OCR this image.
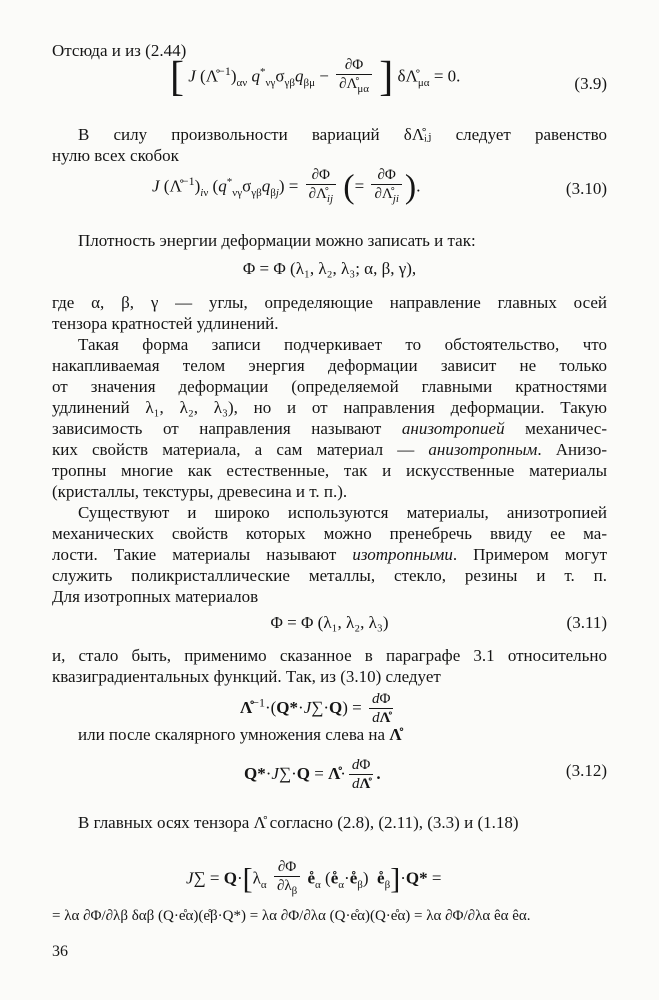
Отсюда и из (2.44)
[ J $(\Lambdå^{-1})_{\alpha\nu}$ $q^*_{\nu\gamma}\sigma_{\gamma\beta}q_{\beta\mu} - \frac{\partial\Phi}{\partial\Lambdå_{\mu\alpha}}$ ] $\delta\Lambdå_{\mu\alpha} = 0$.	(3.9)
В силу произвольности вариаций δΛ̊ᵢⱼ следует равенство
нулю всех скобок
J $(\Lambdå^{-1})_{i\nu}$ $(q^*_{\nu\gamma}\sigma_{\gamma\beta}q_{\beta j}) = \frac{\partial\Phi}{\partial\Lambdå_{ij}}$ (= $\frac{\partial\Phi}{\partial\Lambdå_{ji}}$ ).	(3.10)
Плотность энергии деформации можно записать и так:
Φ = Φ (λ₁, λ₂, λ₃; α, β, γ),
где α, β, γ — углы, определяющие направление главных осей
тензора кратностей удлинений.
Такая форма записи подчеркивает то обстоятельство, что
накапливаемая телом энергия деформации зависит не только
от значения деформации (определяемой главными кратностями
удлинений λ₁, λ₂, λ₃), но и от направления деформации. Такую
зависимость от направления называют анизотропией механичес-
ких свойств материала, а сам материал — анизотропным. Анизо-
тропны многие как естественные, так и искусственные материалы
(кристаллы, текстуры, древесина и т. п.).
Существуют и широко используются материалы, анизотропией
механических свойств которых можно пренебречь ввиду ее ма-
лости. Такие материалы называют изотропными. Примером могут
служить поликристаллические металлы, стекло, резины и т. п.
Для изотропных материалов
Φ = Φ (λ₁, λ₂, λ₃)	(3.11)
и, стало быть, применимо сказанное в параграфе 3.1 относительно
квазиградиентальных функций. Так, из (3.10) следует
Λ̊$^{-1}$·(Q*·J∑·Q) = $\frac{d\Phi}{d\Lambdå}$
или после скалярного умножения слева на Λ̊
Q*·J∑·Q = Λ̊· $\frac{d\Phi}{d\Lambdå}$ .	(3.12)
В главных осях тензора Λ̊ согласно (2.8), (2.11), (3.3) и (1.18)
$J\sum = Q\cdot[\lambda_\alpha \frac{\partial\Phi}{\partial\lambda_\beta}$ $e̊_\alpha$ $(e̊_\alpha\cdot e̊_\beta)$  $e̊_\beta]\cdot Q*$ =
= λα ∂Φ/∂λβ δαβ (Q·e̊α)(e̊β·Q*) = λα ∂Φ/∂λα (Q·e̊α)(Q·e̊α) = λα ∂Φ/∂λα êα êα.
36
